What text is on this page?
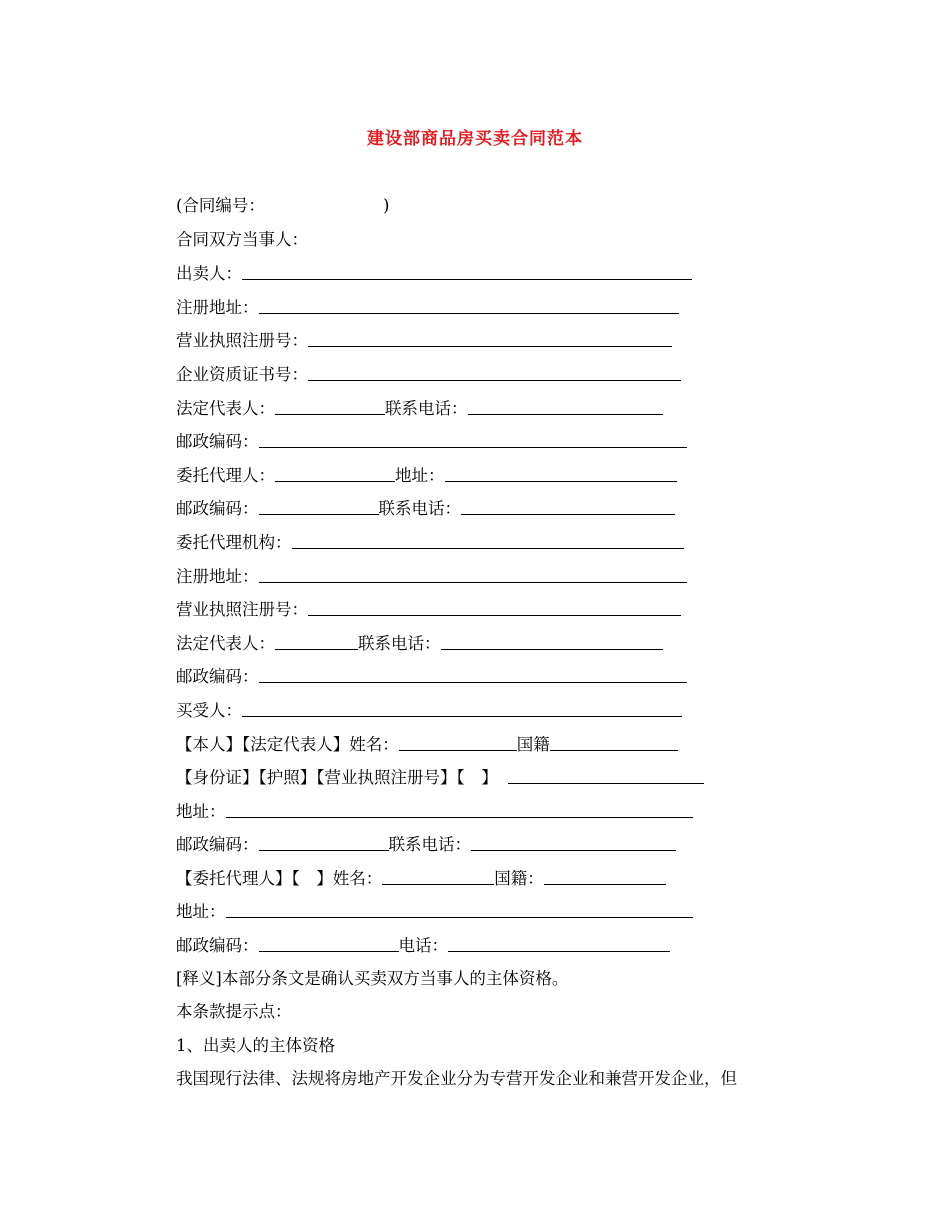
建设部商品房买卖合同范本
(合同编号：	)
合同双方当事人：
出卖人：
注册地址：
营业执照注册号：
企业资质证书号：
法定代表人：	联系电话：
邮政编码：
委托代理人：	地址：
邮政编码：	联系电话：
委托代理机构：
注册地址：
营业执照注册号：
法定代表人：	联系电话：
邮政编码：
买受人：
【本人】【法定代表人】姓名：	国籍
【身份证】【护照】【营业执照注册号】【　】
地址：
邮政编码：	联系电话：
【委托代理人】【　】姓名：	国籍：
地址：
邮政编码：	电话：
[释义]本部分条文是确认买卖双方当事人的主体资格。
本条款提示点：
1、出卖人的主体资格
我国现行法律、法规将房地产开发企业分为专营开发企业和兼营开发企业，但
